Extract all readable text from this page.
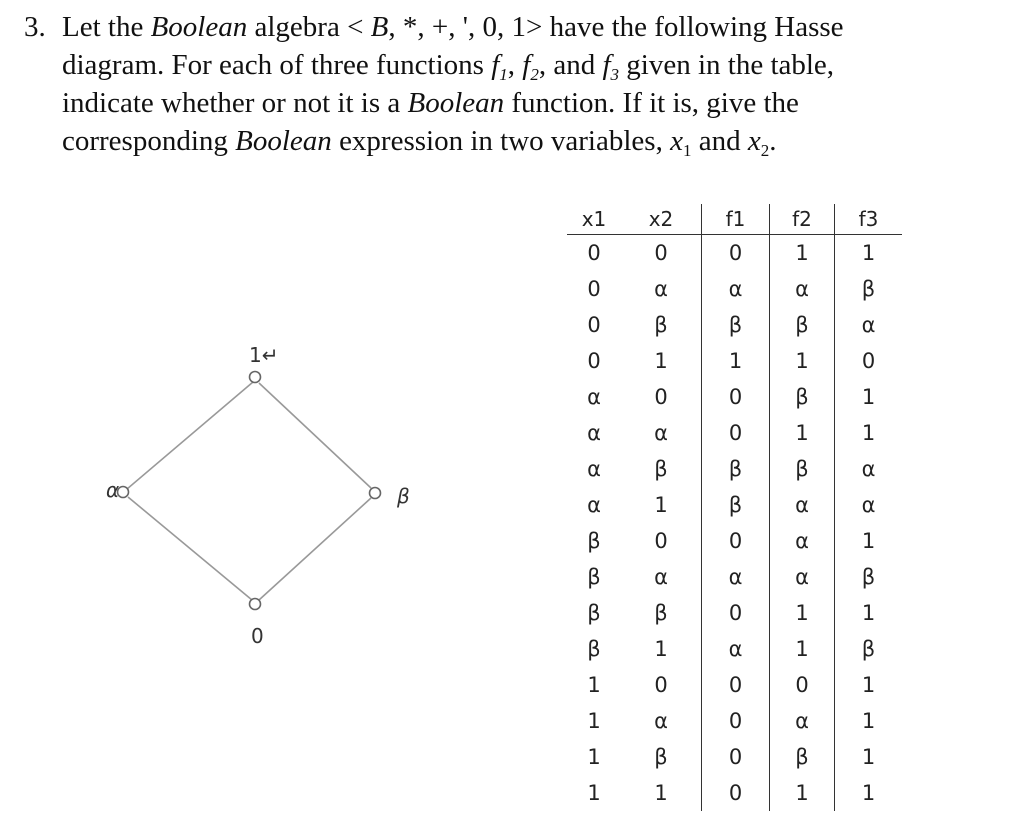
3. Let the Boolean algebra < B, *, +, ', 0, 1> have the following Hasse
diagram. For each of three functions $f_1$, $f_2$, and $f_3$ given in the table,
indicate whether or not it is a Boolean function. If it is, give the
corresponding Boolean expression in two variables, $x_1$ and $x_2$.
1↵
α	β
0
x1	x2	f1	f2	f3
0	0	0	1	1
0	α	α	α	β
0	β	β	β	α
0	1	1	1	0
α	0	0	β	1
α	α	0	1	1
α	β	β	β	α
α	1	β	α	α
β	0	0	α	1
β	α	α	α	β
β	β	0	1	1
β	1	α	1	β
1	0	0	0	1
1	α	0	α	1
1	β	0	β	1
1	1	0	1	1
